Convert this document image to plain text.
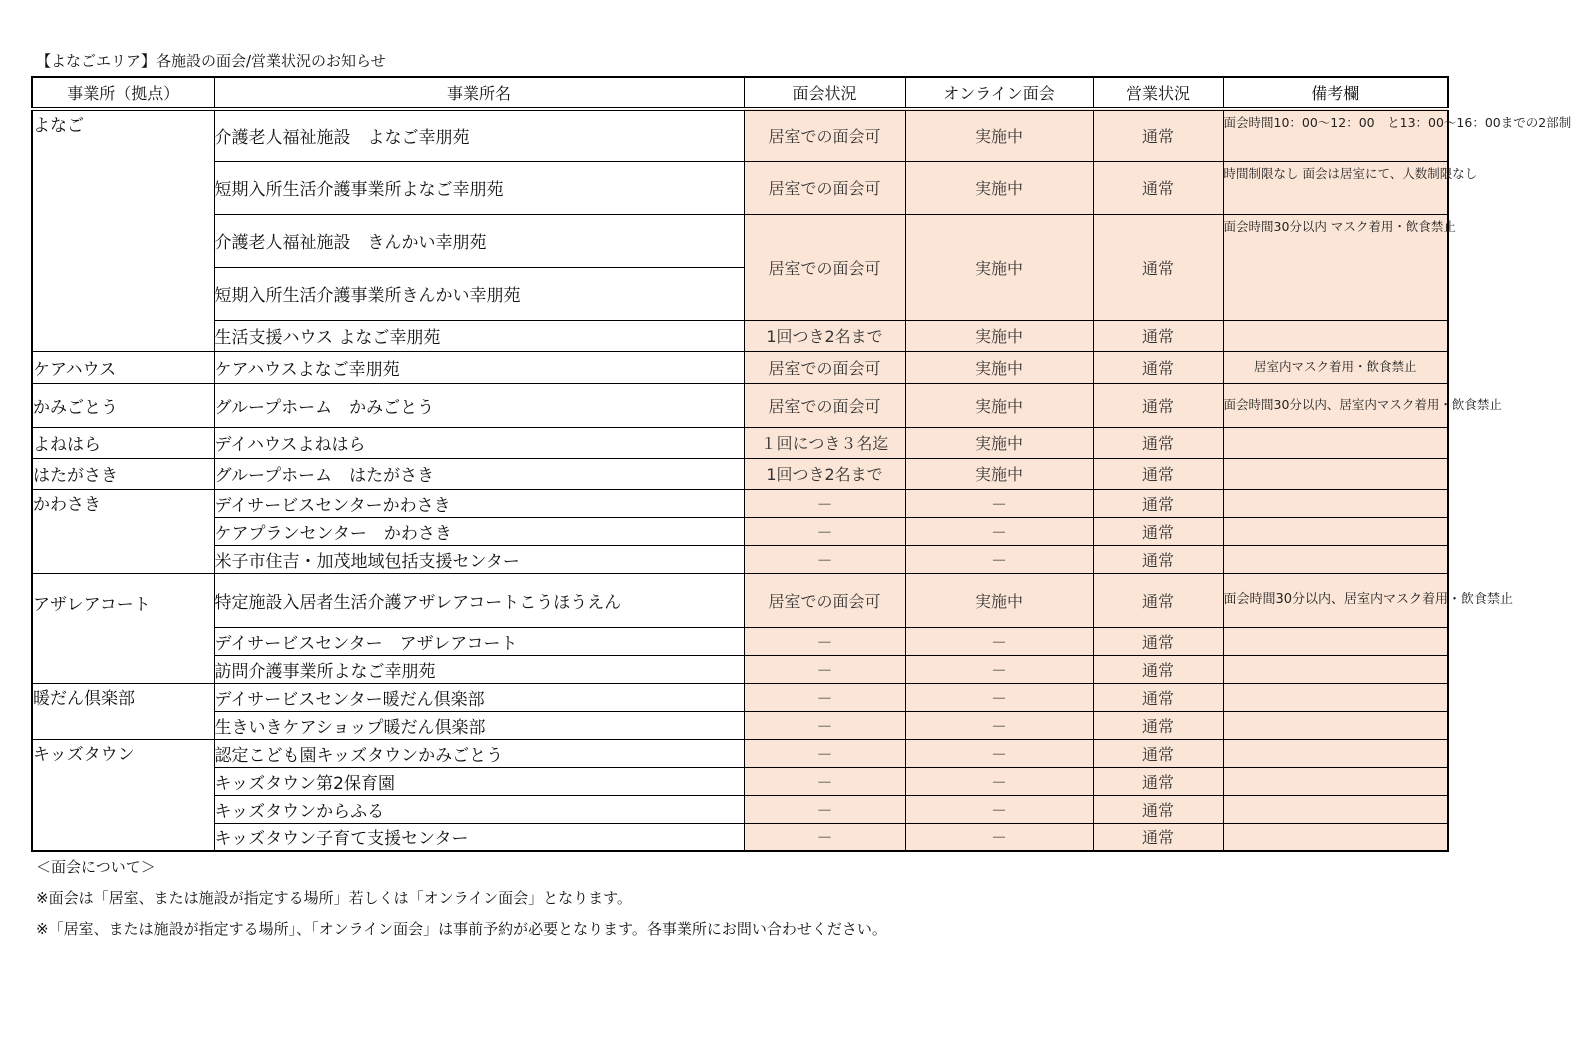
【よなごエリア】各施設の面会/営業状況のお知らせ
事業所（拠点）	事業所名	面会状況	オンライン面会	営業状況	備考欄
よなご	介護老人福祉施設　よなご幸朋苑	居室での面会可	実施中	通常	面会時間10：00～12：00　と13：00～16：00までの2部制
	短期入所生活介護事業所よなご幸朋苑	居室での面会可	実施中	通常	時間制限なし 面会は居室にて、人数制限なし
	介護老人福祉施設　きんかい幸朋苑	居室での面会可	実施中	通常	面会時間30分以内 マスク着用・飲食禁止
	短期入所生活介護事業所きんかい幸朋苑				
	生活支援ハウス よなご幸朋苑	1回つき2名まで	実施中	通常	
ケアハウス	ケアハウスよなご幸朋苑	居室での面会可	実施中	通常	居室内マスク着用・飲食禁止
かみごとう	グループホーム　かみごとう	居室での面会可	実施中	通常	面会時間30分以内、居室内マスク着用・飲食禁止
よねはら	デイハウスよねはら	１回につき３名迄	実施中	通常	
はたがさき	グループホーム　はたがさき	1回つき2名まで	実施中	通常	
かわさき	デイサービスセンターかわさき	－	－	通常	
	ケアプランセンター　かわさき	－	－	通常	
	米子市住吉・加茂地域包括支援センター	－	－	通常	
アザレアコート	特定施設入居者生活介護アザレアコートこうほうえん	居室での面会可	実施中	通常	面会時間30分以内、居室内マスク着用・飲食禁止
	デイサービスセンター　アザレアコート	－	－	通常	
	訪問介護事業所よなご幸朋苑	－	－	通常	
暖だん倶楽部	デイサービスセンター暖だん倶楽部	－	－	通常	
	生きいきケアショップ暖だん倶楽部	－	－	通常	
キッズタウン	認定こども園キッズタウンかみごとう	－	－	通常	
	キッズタウン第2保育園	－	－	通常	
	キッズタウンからふる	－	－	通常	
	キッズタウン子育て支援センター	－	－	通常	
＜面会について＞
※面会は「居室、または施設が指定する場所」若しくは「オンライン面会」となります。
※「居室、または施設が指定する場所」、「オンライン面会」は事前予約が必要となります。各事業所にお問い合わせください。
